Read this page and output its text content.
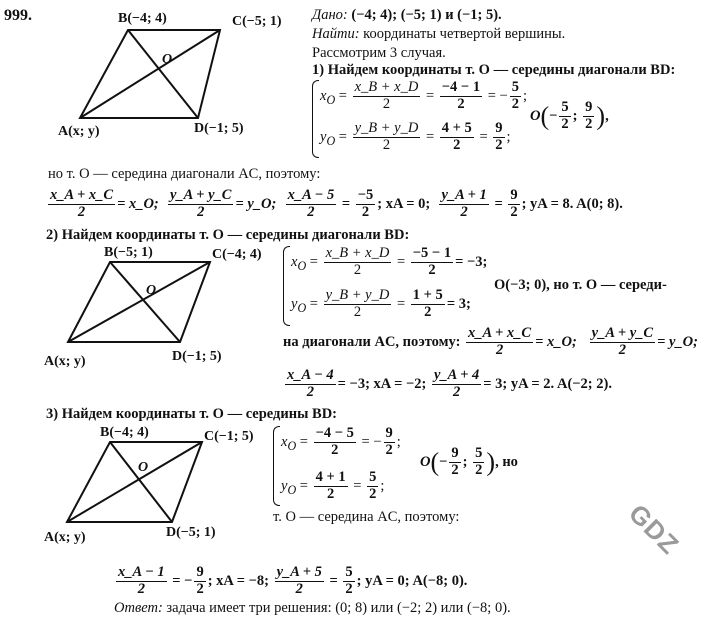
999.	B(−4; 4)	C(−5; 1)
O
A(x; y)	D(−1; 5)
Дано: (−4; 4); (−5; 1) и (−1; 5).
Найти: координаты четвертой вершины.
Рассмотрим 3 случая.
1) Найдем координаты т. O — середины диагонали BD:
$x_O = \frac{x\_B + x\_D}{2} = \frac{-4 - 1}{2}$ = − $\frac{5}{2}$ ;
$y_O = \frac{y\_B + y\_D}{2} = \frac{4 + 5}{2} = \frac{9}{2}$ ;
$O(- \frac{5}{2}$ ; $\frac{9}{2}$ ),
но т. O — середина диагонали AC, поэтому:
$\frac{x\_A + x\_C}{2}$ = x_O; $\frac{y\_A + y\_C}{2}$ = y_O; $\frac{x\_A - 5}{2} = \frac{-5}{2}$ ; xA = 0; $\frac{y\_A + 1}{2} = \frac{9}{2}$ ; yA = 8. A(0; 8).
2) Найдем координаты т. O — середины диагонали BD:
B(−5; 1)	C(−4; 4)
O
A(x; y)	D(−1; 5)
$x_O = \frac{x\_B + x\_D}{2} = \frac{-5 - 1}{2} = -3$;
$y_O = \frac{y\_B + y\_D}{2} = \frac{1 + 5}{2} = 3$;
O(−3; 0), но т. O — середи-
на диагонали AC, поэтому: $\frac{x\_A + x\_C}{2}$ = x_O; $\frac{y\_A + y\_C}{2}$ = y_O;
$\frac{x\_A - 4}{2} = -3$; xA = −2; $\frac{y\_A + 4}{2} = 3$; yA = 2. A(−2; 2).
3) Найдем координаты т. O — середины BD:
B(−4; 4)	C(−1; 5)
O
A(x; y)	D(−5; 1)
$x_O = \frac{-4 - 5}{2}$ = − $\frac{9}{2}$ ;
$y_O = \frac{4 + 1}{2} = \frac{5}{2}$ ;
$O(- \frac{9}{2}$ ; $\frac{5}{2}$ ), но
т. O — середина AC, поэтому:	GDZ
$\frac{x\_A - 1}{2}$ = − $\frac{9}{2}$ ; xA = −8; $\frac{y\_A + 5}{2} = \frac{5}{2}$ ; yA = 0; A(−8; 0).
Ответ: задача имеет три решения: (0; 8) или (−2; 2) или (−8; 0).
